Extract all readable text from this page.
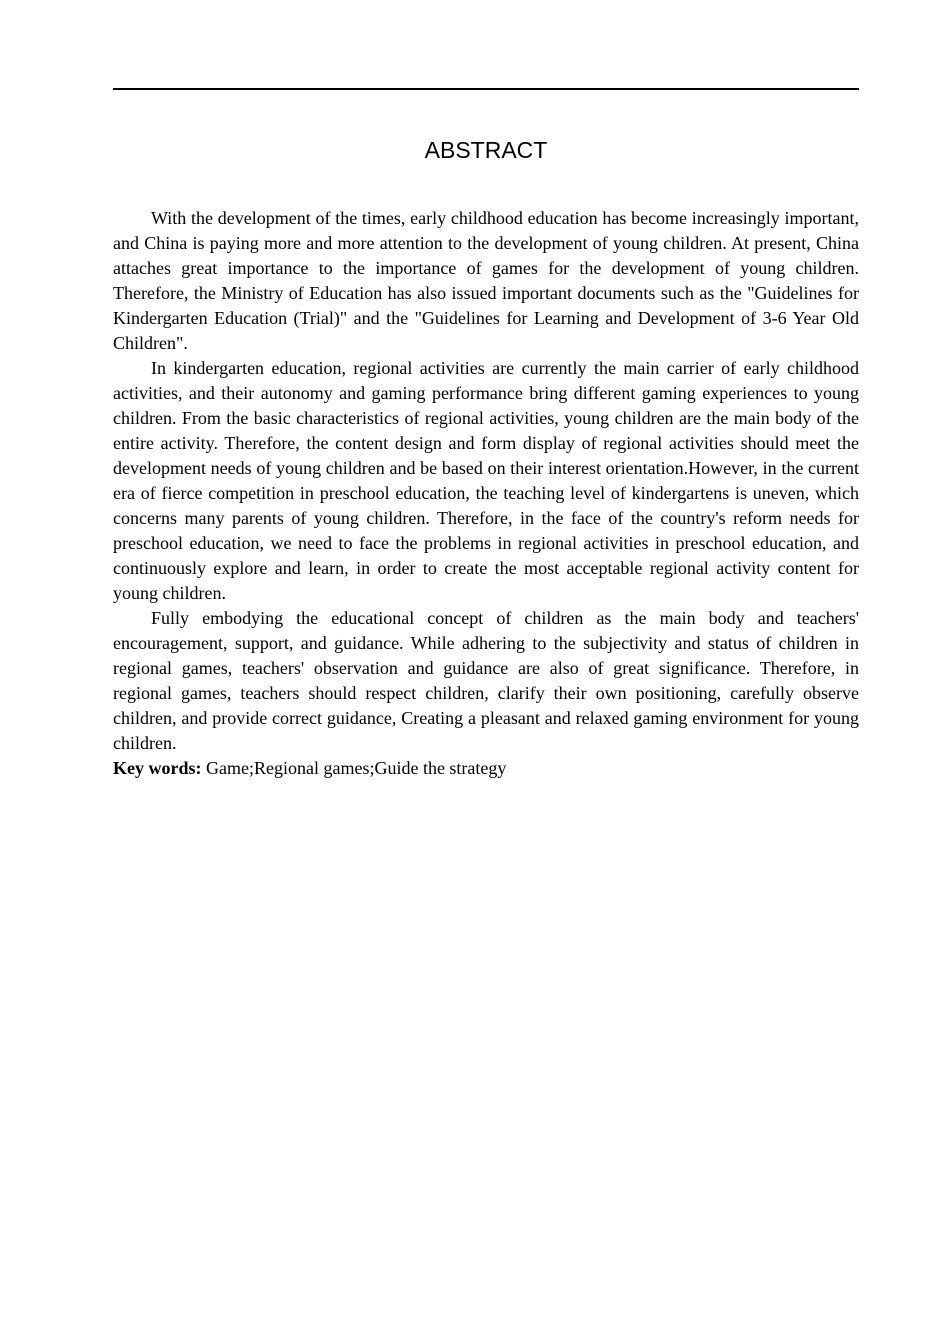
ABSTRACT

With the development of the times, early childhood education has become increasingly important, and China is paying more and more attention to the development of young children. At present, China attaches great importance to the importance of games for the development of young children. Therefore, the Ministry of Education has also issued important documents such as the "Guidelines for Kindergarten Education (Trial)" and the "Guidelines for Learning and Development of 3-6 Year Old Children".

In kindergarten education, regional activities are currently the main carrier of early childhood activities, and their autonomy and gaming performance bring different gaming experiences to young children. From the basic characteristics of regional activities, young children are the main body of the entire activity. Therefore, the content design and form display of regional activities should meet the development needs of young children and be based on their interest orientation.However, in the current era of fierce competition in preschool education, the teaching level of kindergartens is uneven, which concerns many parents of young children. Therefore, in the face of the country's reform needs for preschool education, we need to face the problems in regional activities in preschool education, and continuously explore and learn, in order to create the most acceptable regional activity content for young children.

Fully embodying the educational concept of children as the main body and teachers' encouragement, support, and guidance. While adhering to the subjectivity and status of children in regional games, teachers' observation and guidance are also of great significance. Therefore, in regional games, teachers should respect children, clarify their own positioning, carefully observe children, and provide correct guidance, Creating a pleasant and relaxed gaming environment for young children.

Key words: Game;Regional games;Guide the strategy
